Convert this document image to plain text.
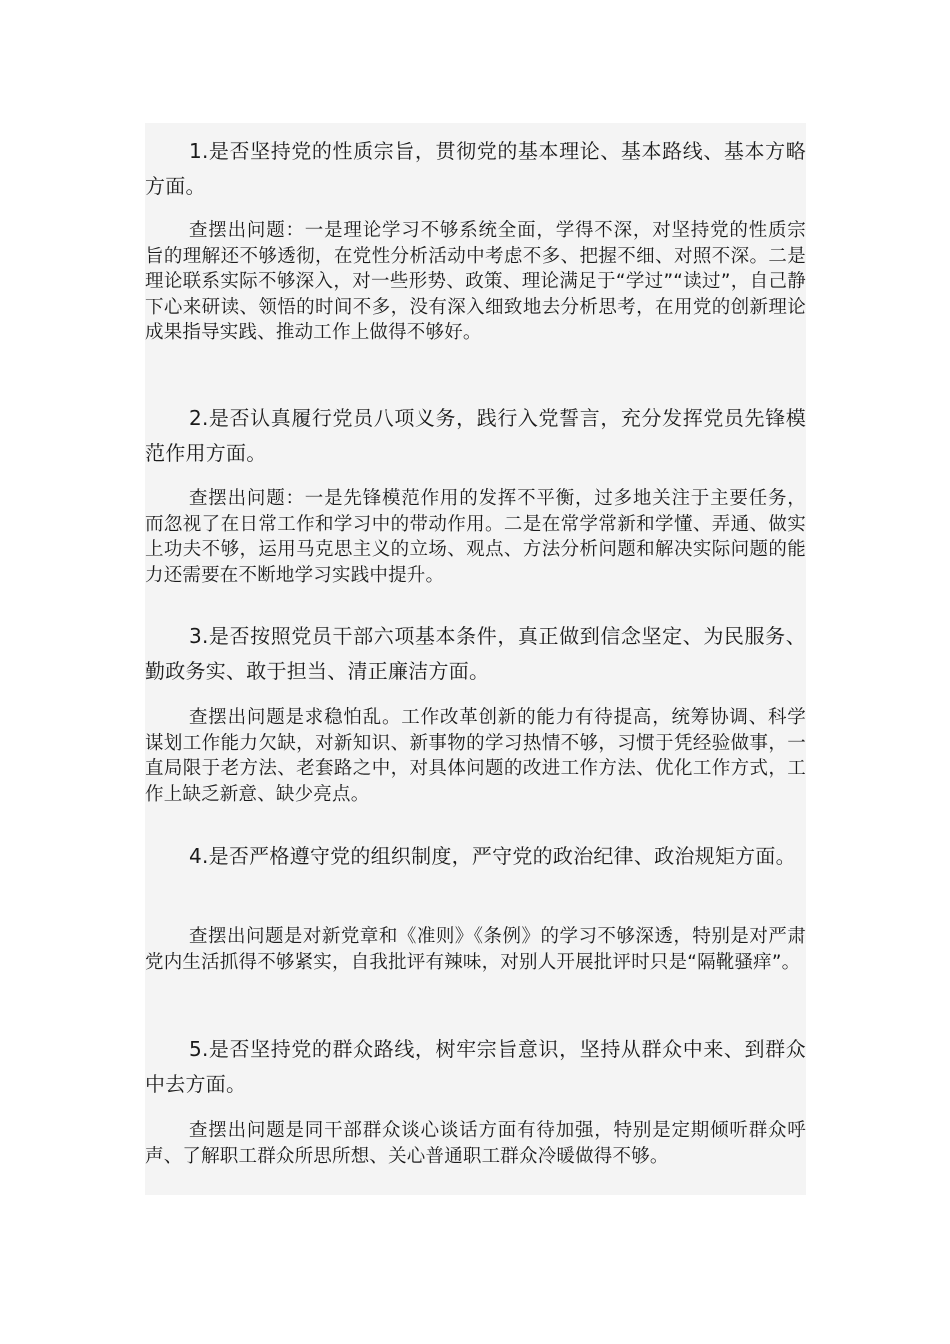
1.是否坚持党的性质宗旨，贯彻党的基本理论、基本路线、基本方略方面。

查摆出问题：一是理论学习不够系统全面，学得不深，对坚持党的性质宗旨的理解还不够透彻，在党性分析活动中考虑不多、把握不细、对照不深。二是理论联系实际不够深入，对一些形势、政策、理论满足于“学过”“读过”，自己静下心来研读、领悟的时间不多，没有深入细致地去分析思考，在用党的创新理论成果指导实践、推动工作上做得不够好。

2.是否认真履行党员八项义务，践行入党誓言，充分发挥党员先锋模范作用方面。

查摆出问题：一是先锋模范作用的发挥不平衡，过多地关注于主要任务，而忽视了在日常工作和学习中的带动作用。二是在常学常新和学懂、弄通、做实上功夫不够，运用马克思主义的立场、观点、方法分析问题和解决实际问题的能力还需要在不断地学习实践中提升。

3.是否按照党员干部六项基本条件，真正做到信念坚定、为民服务、勤政务实、敢于担当、清正廉洁方面。

查摆出问题是求稳怕乱。工作改革创新的能力有待提高，统筹协调、科学谋划工作能力欠缺，对新知识、新事物的学习热情不够，习惯于凭经验做事，一直局限于老方法、老套路之中，对具体问题的改进工作方法、优化工作方式，工作上缺乏新意、缺少亮点。

4.是否严格遵守党的组织制度，严守党的政治纪律、政治规矩方面。

查摆出问题是对新党章和《准则》《条例》的学习不够深透，特别是对严肃党内生活抓得不够紧实，自我批评有辣味，对别人开展批评时只是“隔靴骚痒”。

5.是否坚持党的群众路线，树牢宗旨意识，坚持从群众中来、到群众中去方面。

查摆出问题是同干部群众谈心谈话方面有待加强，特别是定期倾听群众呼声、了解职工群众所思所想、关心普通职工群众冷暖做得不够。
